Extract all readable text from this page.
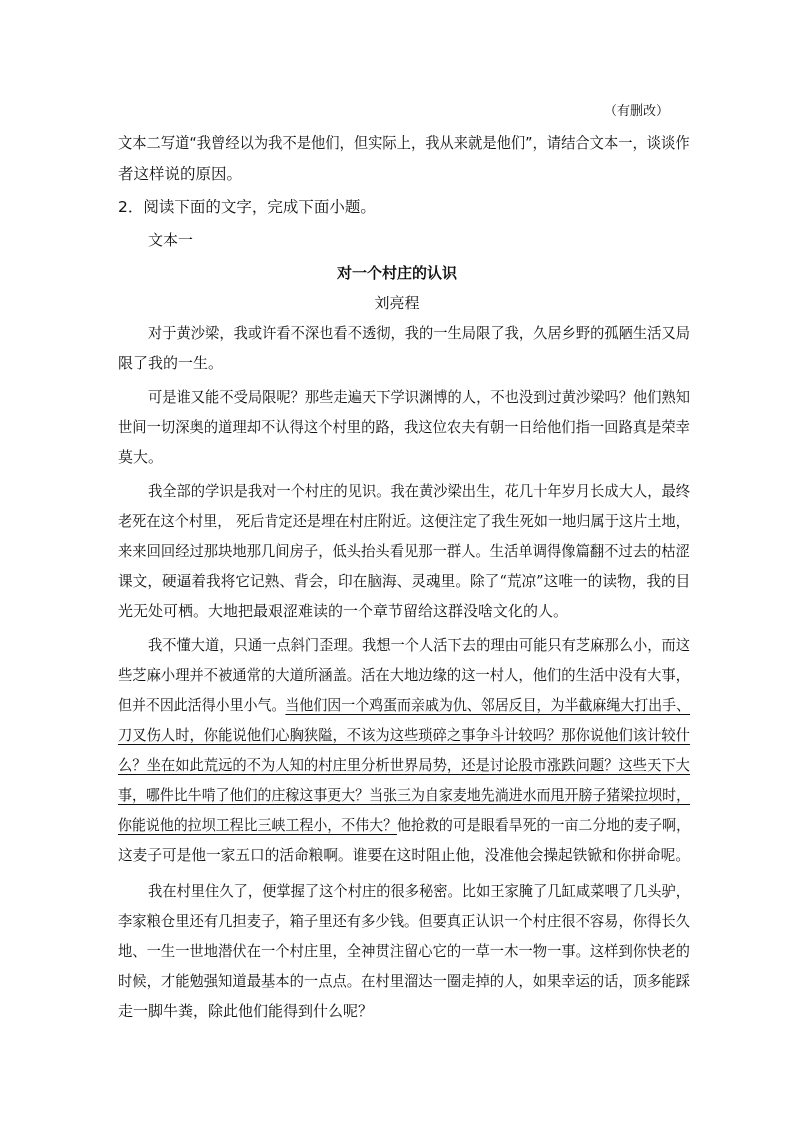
（有删改）
文本二写道“我曾经以为我不是他们，但实际上，我从来就是他们”，请结合文本一，谈谈作
者这样说的原因。
2．阅读下面的文字，完成下面小题。
文本一
对一个村庄的认识
刘亮程
对于黄沙梁，我或许看不深也看不透彻，我的一生局限了我，久居乡野的孤陋生活又局
限了我的一生。
可是谁又能不受局限呢？那些走遍天下学识渊博的人，不也没到过黄沙梁吗？他们熟知
世间一切深奥的道理却不认得这个村里的路，我这位农夫有朝一日给他们指一回路真是荣幸
莫大。
我全部的学识是我对一个村庄的见识。我在黄沙梁出生，花几十年岁月长成大人，最终
老死在这个村里， 死后肯定还是埋在村庄附近。这便注定了我生死如一地归属于这片土地，
来来回回经过那块地那几间房子，低头抬头看见那一群人。生活单调得像篇翻不过去的枯涩
课文，硬逼着我将它记熟、背会，印在脑海、灵魂里。除了“荒凉”这唯一的读物，我的目
光无处可栖。大地把最艰涩难读的一个章节留给这群没啥文化的人。
我不懂大道，只通一点斜门歪理。我想一个人活下去的理由可能只有芝麻那么小，而这
些芝麻小理并不被通常的大道所涵盖。活在大地边缘的这一村人，他们的生活中没有大事，
但并不因此活得小里小气。当他们因一个鸡蛋而亲戚为仇、邻居反目，为半截麻绳大打出手、
刀叉伤人时，你能说他们心胸狭隘，不该为这些琐碎之事争斗计较吗？那你说他们该计较什
么？坐在如此荒远的不为人知的村庄里分析世界局势，还是讨论股市涨跌问题？这些天下大
事，哪件比牛啃了他们的庄稼这事更大？当张三为自家麦地先淌进水而甩开膀子猪梁拉坝时，
你能说他的拉坝工程比三峡工程小，不伟大？他抢救的可是眼看旱死的一亩二分地的麦子啊，
这麦子可是他一家五口的活命粮啊。谁要在这时阻止他，没准他会操起铁锨和你拼命呢。
我在村里住久了，便掌握了这个村庄的很多秘密。比如王家腌了几缸咸菜喂了几头驴，
李家粮仓里还有几担麦子，箱子里还有多少钱。但要真正认识一个村庄很不容易，你得长久
地、一生一世地潜伏在一个村庄里，全神贯注留心它的一草一木一物一事。这样到你快老的
时候，才能勉强知道最基本的一点点。在村里溜达一圈走掉的人，如果幸运的话，顶多能踩
走一脚牛粪，除此他们能得到什么呢？
